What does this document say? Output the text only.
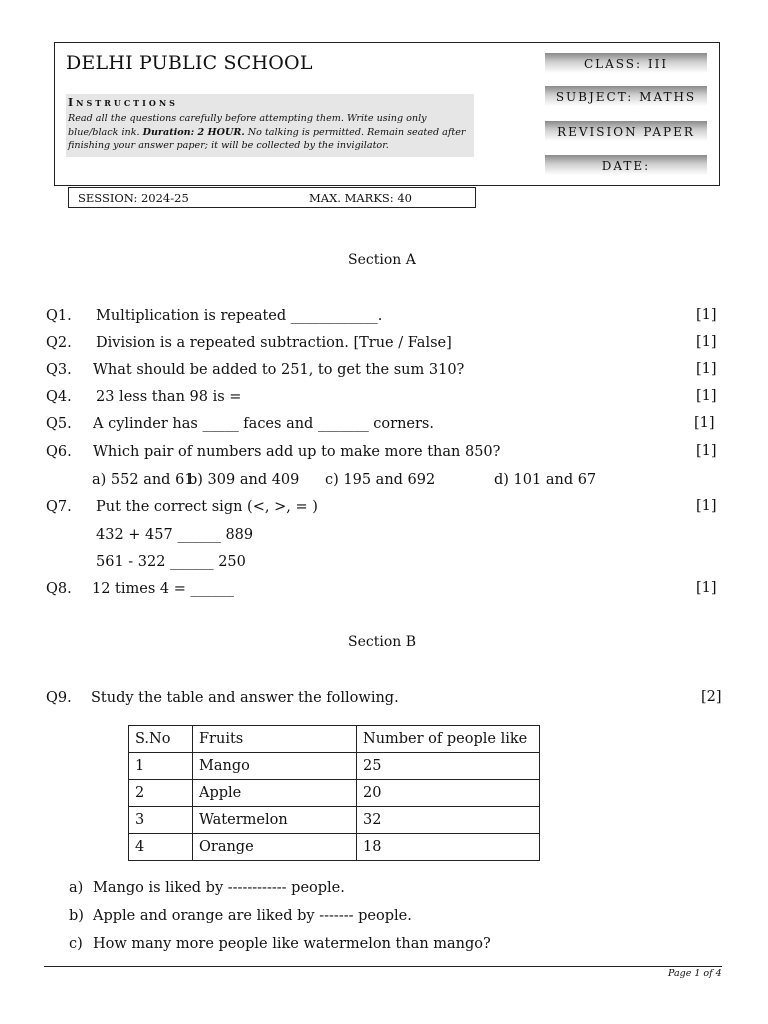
DELHI PUBLIC SCHOOL
Instructions
Read all the questions carefully before attempting them. Write using only blue/black ink. Duration: 2 HOUR. No talking is permitted. Remain seated after finishing your answer paper; it will be collected by the invigilator.
CLASS: III
SUBJECT: MATHS
REVISION PAPER
DATE:
SESSION: 2024-25	MAX. MARKS: 40
Section A
Q1. Multiplication is repeated ____________.	[1]
Q2. Division is a repeated subtraction. [True / False]	[1]
Q3. What should be added to 251, to get the sum 310?	[1]
Q4. 23 less than 98 is =	[1]
Q5. A cylinder has _____ faces and _______ corners.	[1]
Q6. Which pair of numbers add up to make more than 850?	[1]
a) 552 and 61
b) 309 and 409 c) 195 and 692	d) 101 and 67
Q7. Put the correct sign (<, >, = )	[1]
432 + 457 ______ 889
561 - 322 ______ 250
Q8. 12 times 4 = ______	[1]
Section B
Q9. Study the table and answer the following.	[2]
S.No	Fruits	Number of people like
1	Mango	25
2	Apple	20
3	Watermelon	32
4	Orange	18
a) Mango is liked by ------------ people.
b) Apple and orange are liked by ------- people.
c) How many more people like watermelon than mango?
Page 1 of 4
